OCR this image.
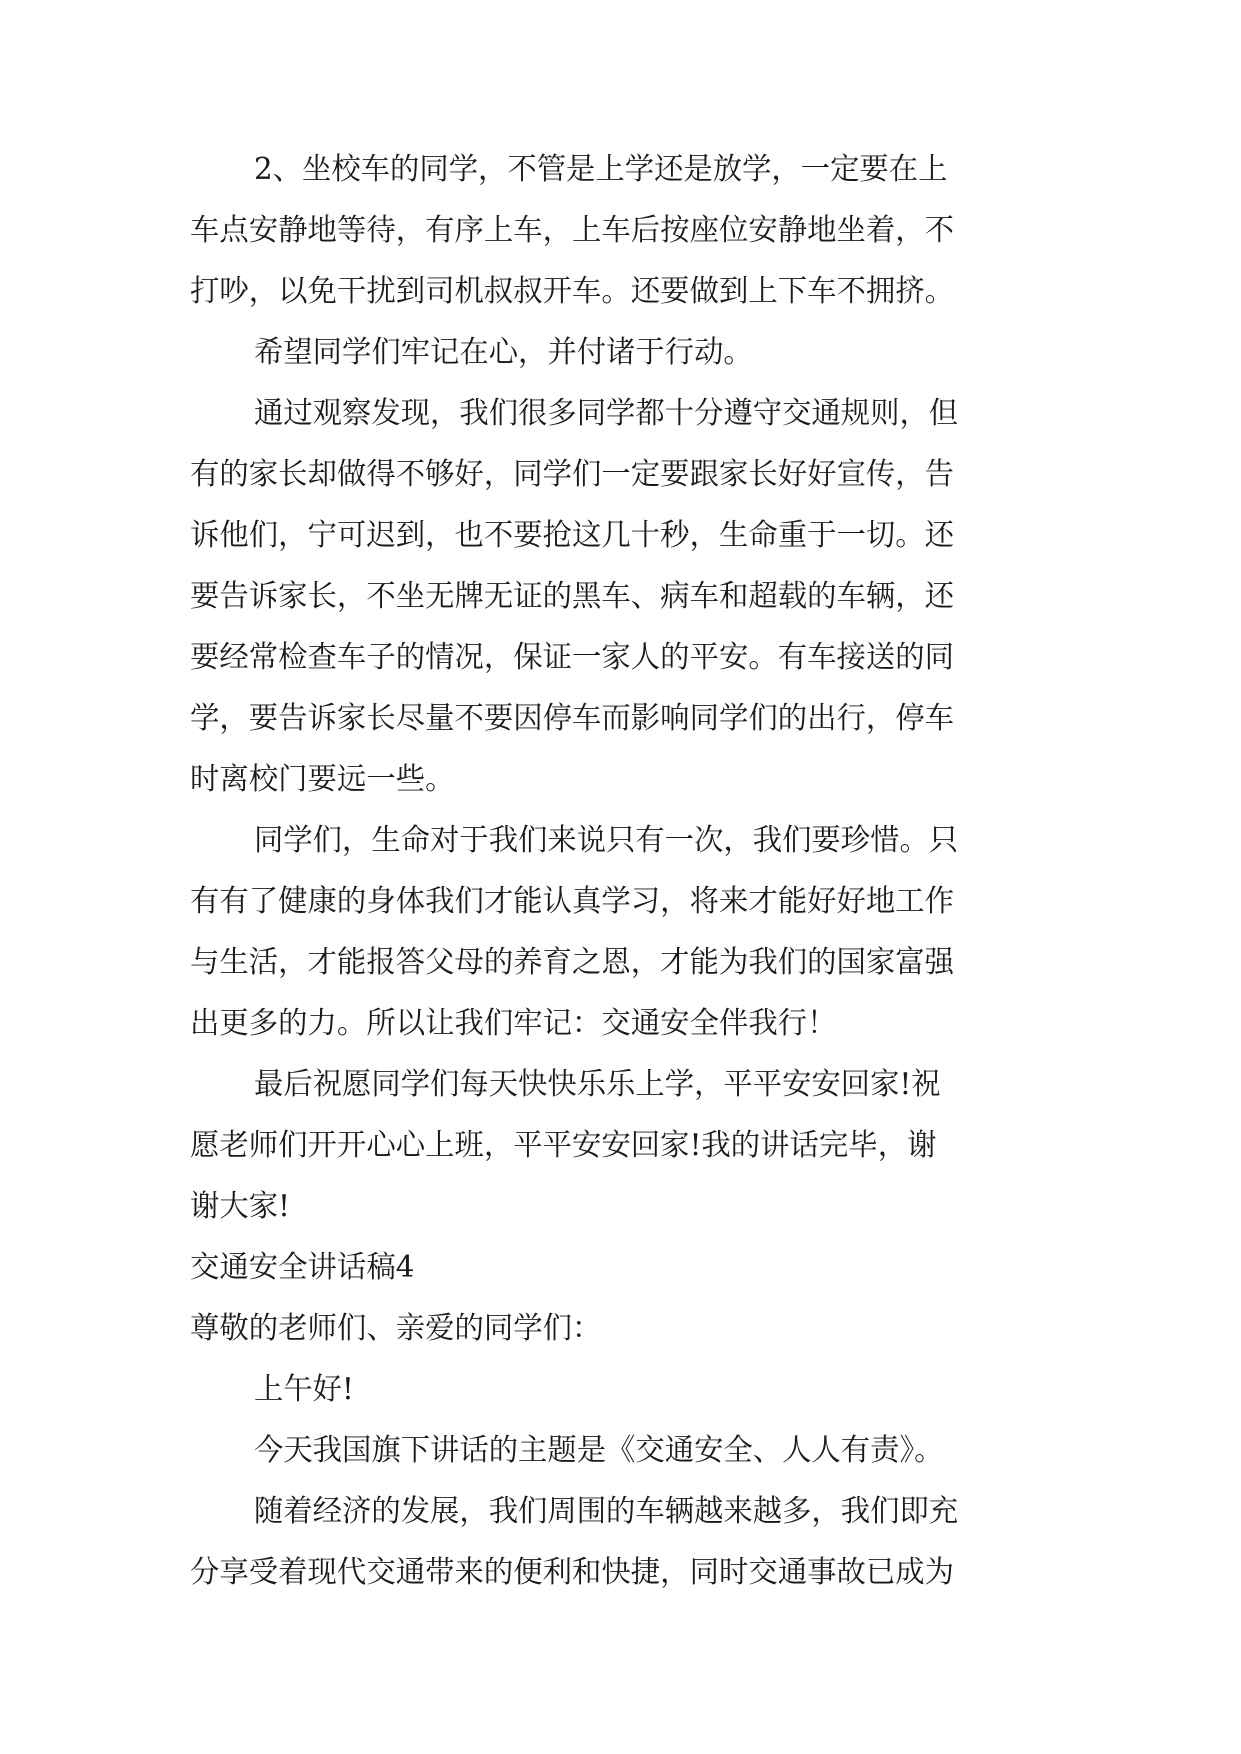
2、坐校车的同学，不管是上学还是放学，一定要在上
车点安静地等待，有序上车，上车后按座位安静地坐着，不
打吵，以免干扰到司机叔叔开车。还要做到上下车不拥挤。
希望同学们牢记在心，并付诸于行动。
通过观察发现，我们很多同学都十分遵守交通规则，但
有的家长却做得不够好，同学们一定要跟家长好好宣传，告
诉他们，宁可迟到，也不要抢这几十秒，生命重于一切。还
要告诉家长，不坐无牌无证的黑车、病车和超载的车辆，还
要经常检查车子的情况，保证一家人的平安。有车接送的同
学，要告诉家长尽量不要因停车而影响同学们的出行，停车
时离校门要远一些。
同学们，生命对于我们来说只有一次，我们要珍惜。只
有有了健康的身体我们才能认真学习，将来才能好好地工作
与生活，才能报答父母的养育之恩，才能为我们的国家富强
出更多的力。所以让我们牢记：交通安全伴我行！
最后祝愿同学们每天快快乐乐上学，平平安安回家!祝
愿老师们开开心心上班，平平安安回家!我的讲话完毕，谢
谢大家!
交通安全讲话稿4
尊敬的老师们、亲爱的同学们：
上午好!
今天我国旗下讲话的主题是《交通安全、人人有责》。
随着经济的发展，我们周围的车辆越来越多，我们即充
分享受着现代交通带来的便利和快捷，同时交通事故已成为
